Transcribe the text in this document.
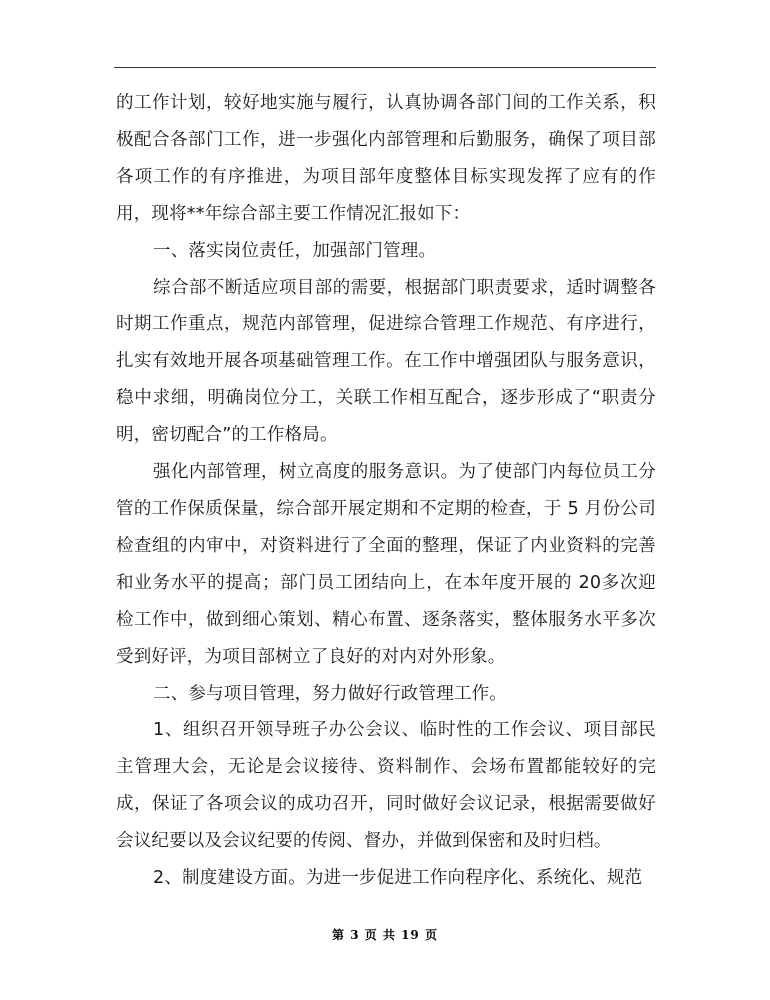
的工作计划，较好地实施与履行，认真协调各部门间的工作关系，积极配合各部门工作，进一步强化内部管理和后勤服务，确保了项目部各项工作的有序推进，为项目部年度整体目标实现发挥了应有的作用，现将**年综合部主要工作情况汇报如下：

一、落实岗位责任，加强部门管理。

综合部不断适应项目部的需要，根据部门职责要求，适时调整各时期工作重点，规范内部管理，促进综合管理工作规范、有序进行，扎实有效地开展各项基础管理工作。在工作中增强团队与服务意识，稳中求细，明确岗位分工，关联工作相互配合，逐步形成了“职责分明，密切配合”的工作格局。

强化内部管理，树立高度的服务意识。为了使部门内每位员工分管的工作保质保量，综合部开展定期和不定期的检查，于 5 月份公司检查组的内审中，对资料进行了全面的整理，保证了内业资料的完善和业务水平的提高；部门员工团结向上，在本年度开展的 20多次迎检工作中，做到细心策划、精心布置、逐条落实，整体服务水平多次受到好评，为项目部树立了良好的对内对外形象。

二、参与项目管理，努力做好行政管理工作。

1、组织召开领导班子办公会议、临时性的工作会议、项目部民主管理大会，无论是会议接待、资料制作、会场布置都能较好的完成，保证了各项会议的成功召开，同时做好会议记录，根据需要做好会议纪要以及会议纪要的传阅、督办，并做到保密和及时归档。

2、制度建设方面。为进一步促进工作向程序化、系统化、规范

第 3 页 共 19 页
